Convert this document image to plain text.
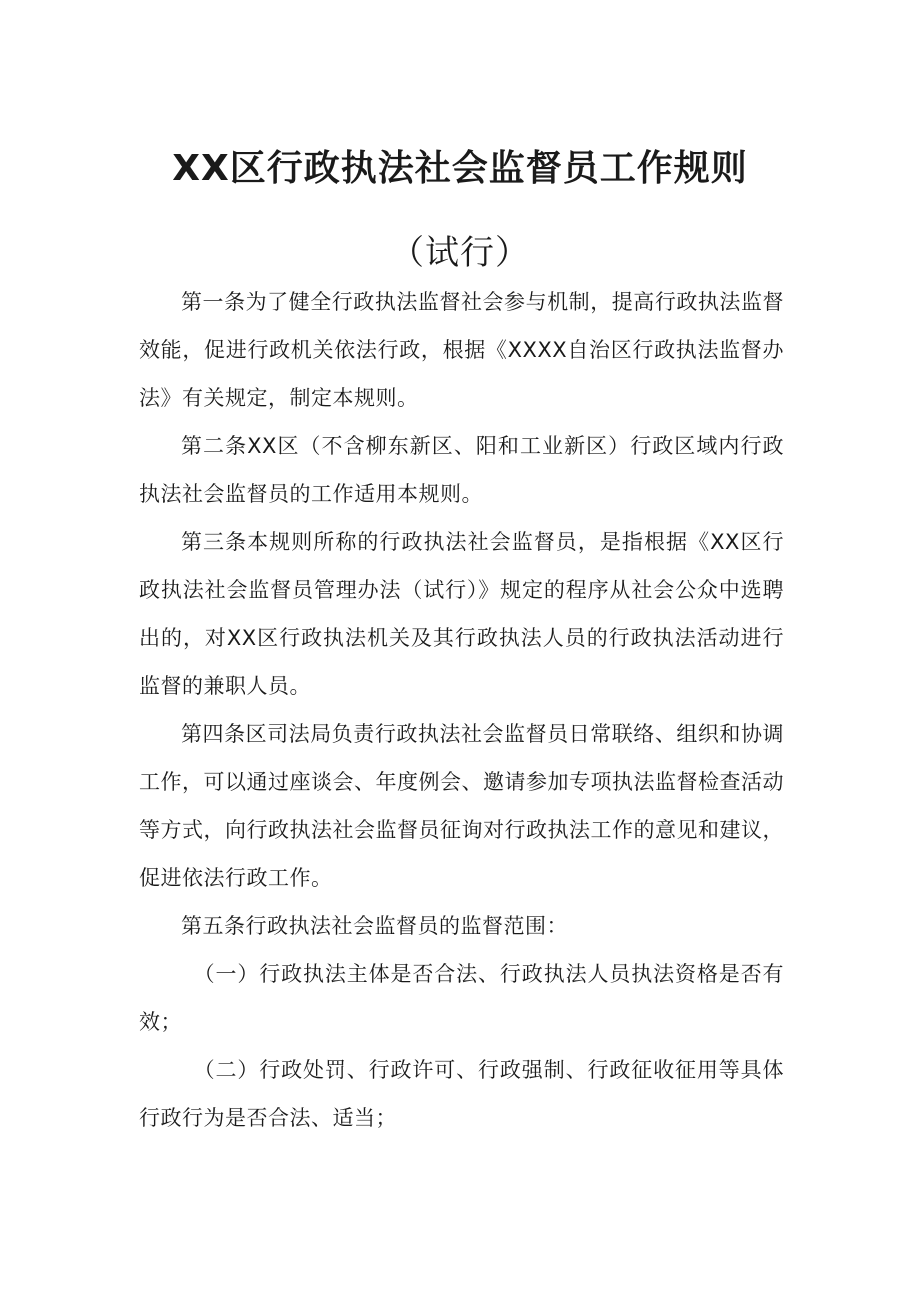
XX区行政执法社会监督员工作规则
（试行）

第一条为了健全行政执法监督社会参与机制，提高行政执法监督效能，促进行政机关依法行政，根据《XXXX自治区行政执法监督办法》有关规定，制定本规则。

第二条XX区（不含柳东新区、阳和工业新区）行政区域内行政执法社会监督员的工作适用本规则。

第三条本规则所称的行政执法社会监督员，是指根据《XX区行政执法社会监督员管理办法（试行）》规定的程序从社会公众中选聘出的，对XX区行政执法机关及其行政执法人员的行政执法活动进行监督的兼职人员。

第四条区司法局负责行政执法社会监督员日常联络、组织和协调工作，可以通过座谈会、年度例会、邀请参加专项执法监督检查活动等方式，向行政执法社会监督员征询对行政执法工作的意见和建议，促进依法行政工作。

第五条行政执法社会监督员的监督范围：

（一）行政执法主体是否合法、行政执法人员执法资格是否有效；

（二）行政处罚、行政许可、行政强制、行政征收征用等具体行政行为是否合法、适当；
